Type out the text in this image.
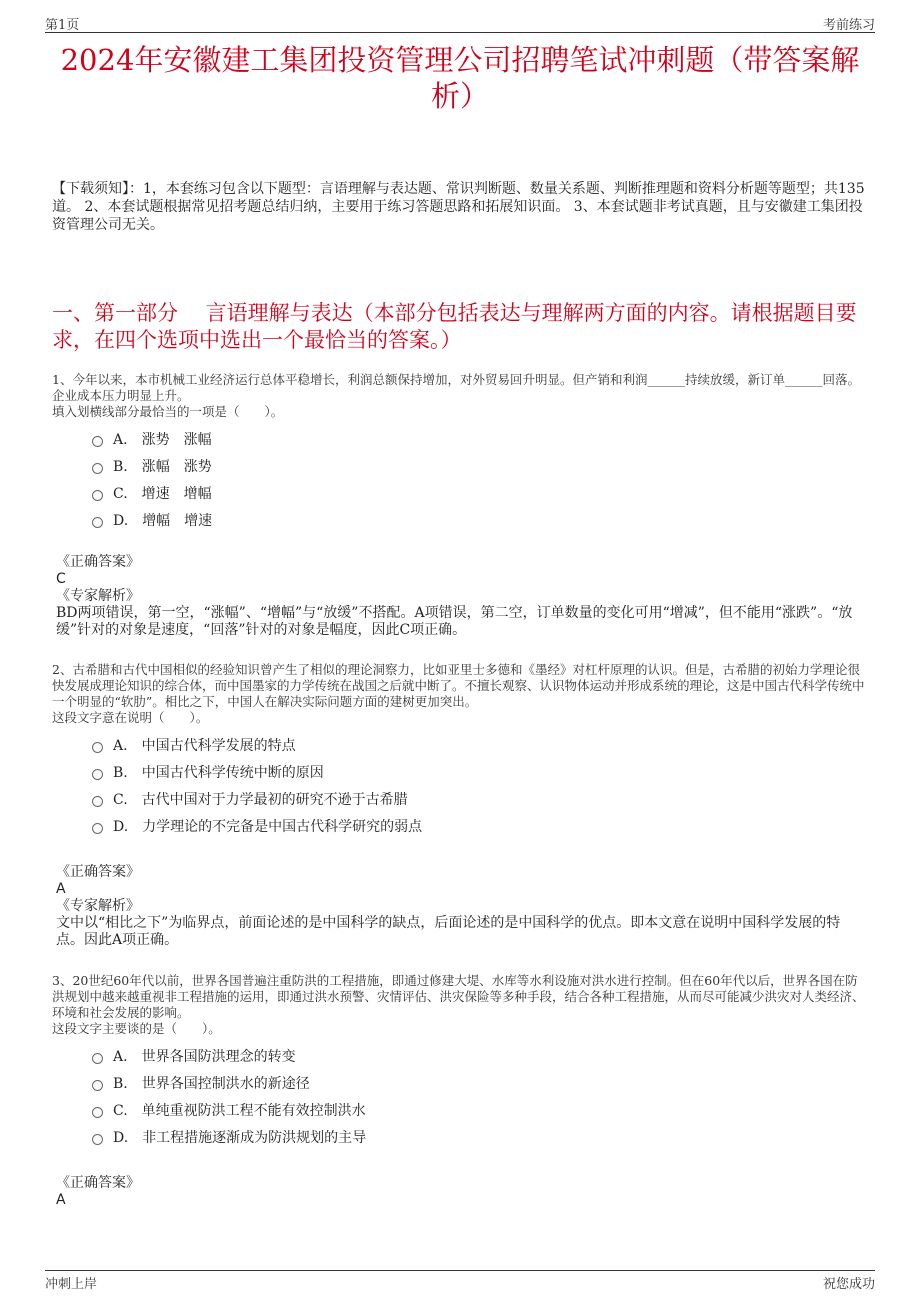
第1页	考前练习
2024年安徽建工集团投资管理公司招聘笔试冲刺题（带答案解析）
【下载须知】：1，本套练习包含以下题型：言语理解与表达题、常识判断题、数量关系题、判断推理题和资料分析题等题型；共135道。 2、本套试题根据常见招考题总结归纳，主要用于练习答题思路和拓展知识面。 3、本套试题非考试真题，且与安徽建工集团投资管理公司无关。
一、第一部分　 言语理解与表达（本部分包括表达与理解两方面的内容。请根据题目要求，在四个选项中选出一个最恰当的答案。）

1、今年以来，本市机械工业经济运行总体平稳增长，利润总额保持增加，对外贸易回升明显。但产销和利润______持续放缓，新订单______回落。企业成本压力明显上升。

填入划横线部分最恰当的一项是（　　）。

A .	涨势　涨幅
B .	涨幅　涨势
C .	增速　增幅
D .	增幅　增速
《正确答案》
C
《专家解析》
BD两项错误，第一空，“涨幅”、“增幅”与“放缓”不搭配。A项错误，第二空，订单数量的变化可用“增减”，但不能用“涨跌”。“放缓”针对的对象是速度，“回落”针对的对象是幅度，因此C项正确。

2、古希腊和古代中国相似的经验知识曾产生了相似的理论洞察力，比如亚里士多德和《墨经》对杠杆原理的认识。但是，古希腊的初始力学理论很快发展成理论知识的综合体，而中国墨家的力学传统在战国之后就中断了。不擅长观察、认识物体运动并形成系统的理论，这是中国古代科学传统中一个明显的“软肋”。相比之下，中国人在解决实际问题方面的建树更加突出。

这段文字意在说明（　　）。

A .	中国古代科学发展的特点
B .	中国古代科学传统中断的原因
C .	古代中国对于力学最初的研究不逊于古希腊
D .	力学理论的不完备是中国古代科学研究的弱点
《正确答案》
A
《专家解析》
文中以“相比之下”为临界点，前面论述的是中国科学的缺点，后面论述的是中国科学的优点。即本文意在说明中国科学发展的特点。因此A项正确。

3、20世纪60年代以前，世界各国普遍注重防洪的工程措施，即通过修建大堤、水库等水利设施对洪水进行控制。但在60年代以后，世界各国在防洪规划中越来越重视非工程措施的运用，即通过洪水预警、灾情评估、洪灾保险等多种手段，结合各种工程措施，从而尽可能减少洪灾对人类经济、环境和社会发展的影响。

这段文字主要谈的是（　　）。

A .	世界各国防洪理念的转变
B .	世界各国控制洪水的新途径
C .	单纯重视防洪工程不能有效控制洪水
D .	非工程措施逐渐成为防洪规划的主导
《正确答案》
A
冲刺上岸	祝您成功
